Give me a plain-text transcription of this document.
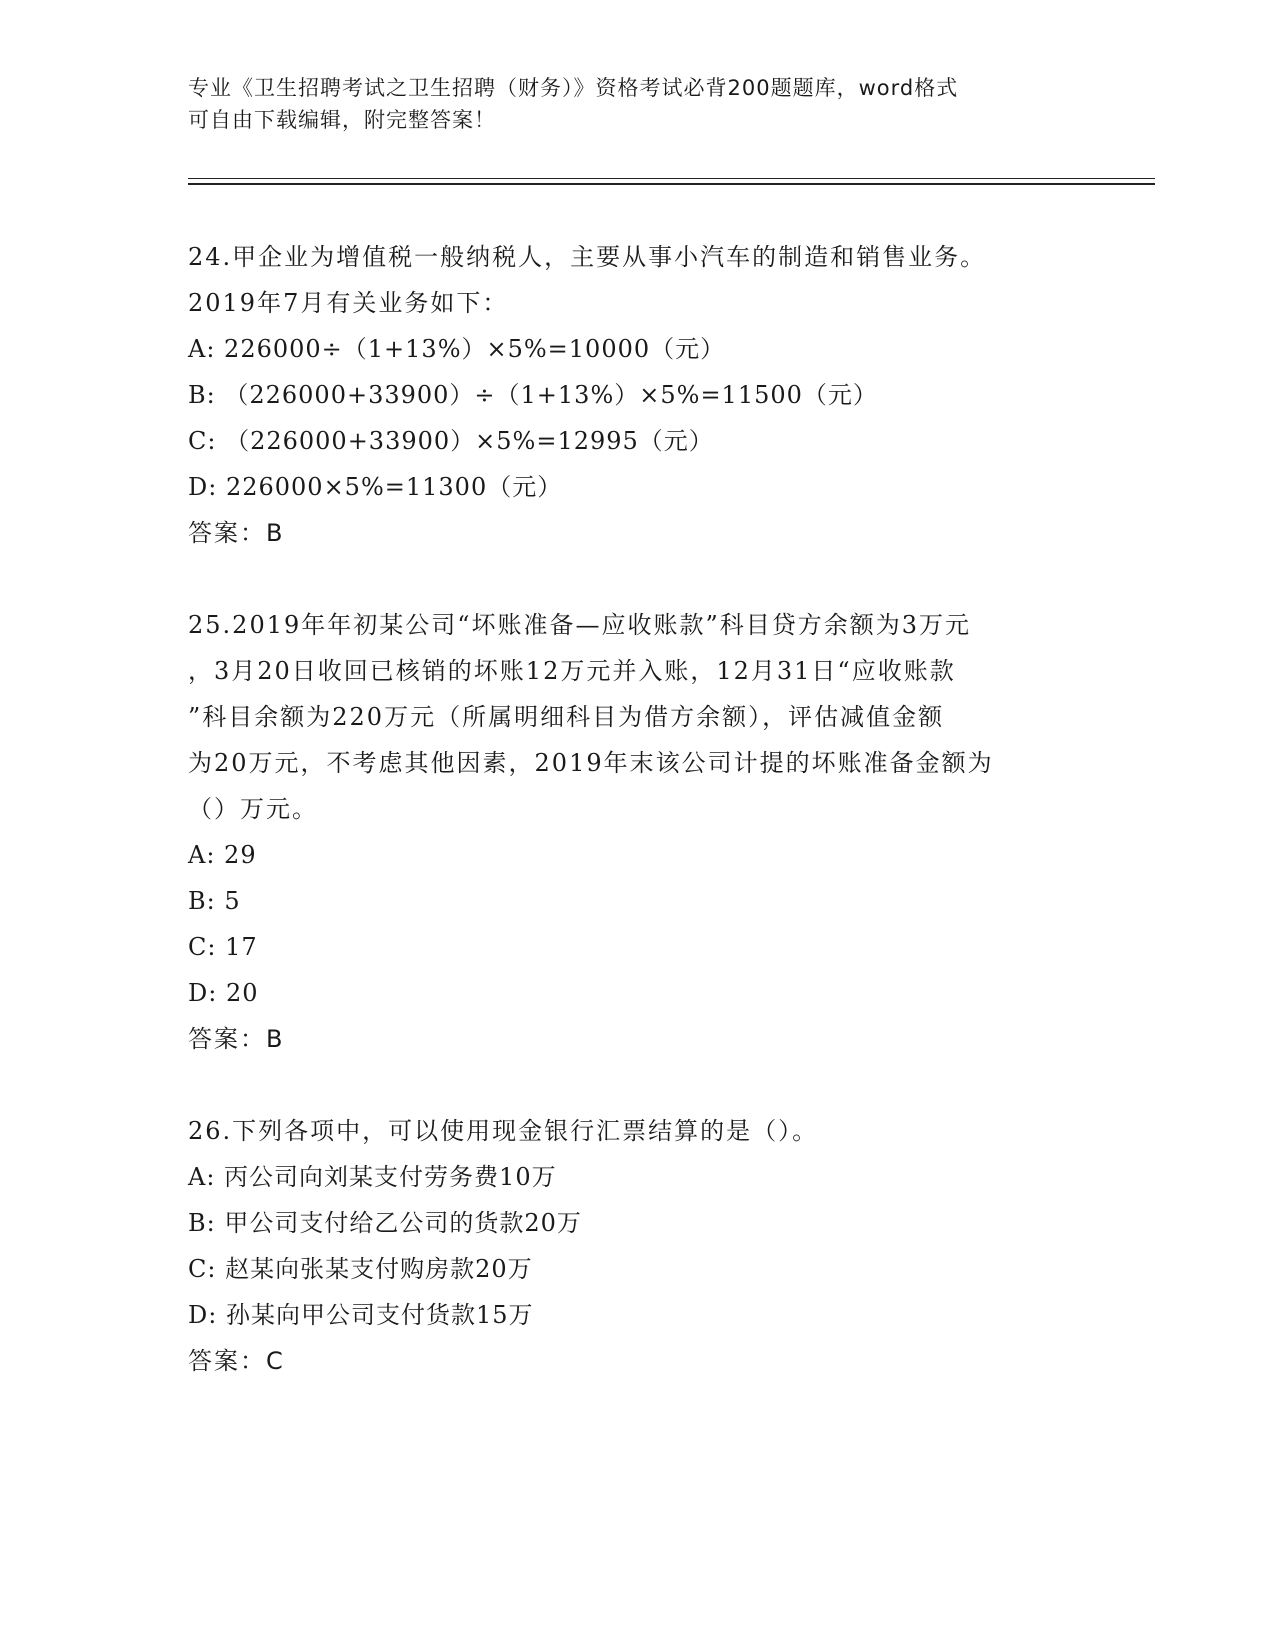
专业《卫生招聘考试之卫生招聘（财务）》资格考试必背200题题库，word格式
可自由下载编辑，附完整答案！
24.甲企业为增值税一般纳税人，主要从事小汽车的制造和销售业务。
2019年7月有关业务如下：
A: 226000÷（1+13%）×5%=10000（元）
B: （226000+33900）÷（1+13%）×5%=11500（元）
C: （226000+33900）×5%=12995（元）
D: 226000×5%=11300（元）
答案：B
25.2019年年初某公司“坏账准备—应收账款”科目贷方余额为3万元
，3月20日收回已核销的坏账12万元并入账，12月31日“应收账款
”科目余额为220万元（所属明细科目为借方余额），评估减值金额
为20万元，不考虑其他因素，2019年末该公司计提的坏账准备金额为
（）万元。
A: 29
B: 5
C: 17
D: 20
答案：B
26.下列各项中，可以使用现金银行汇票结算的是（）。
A: 丙公司向刘某支付劳务费10万
B: 甲公司支付给乙公司的货款20万
C: 赵某向张某支付购房款20万
D: 孙某向甲公司支付货款15万
答案：C
